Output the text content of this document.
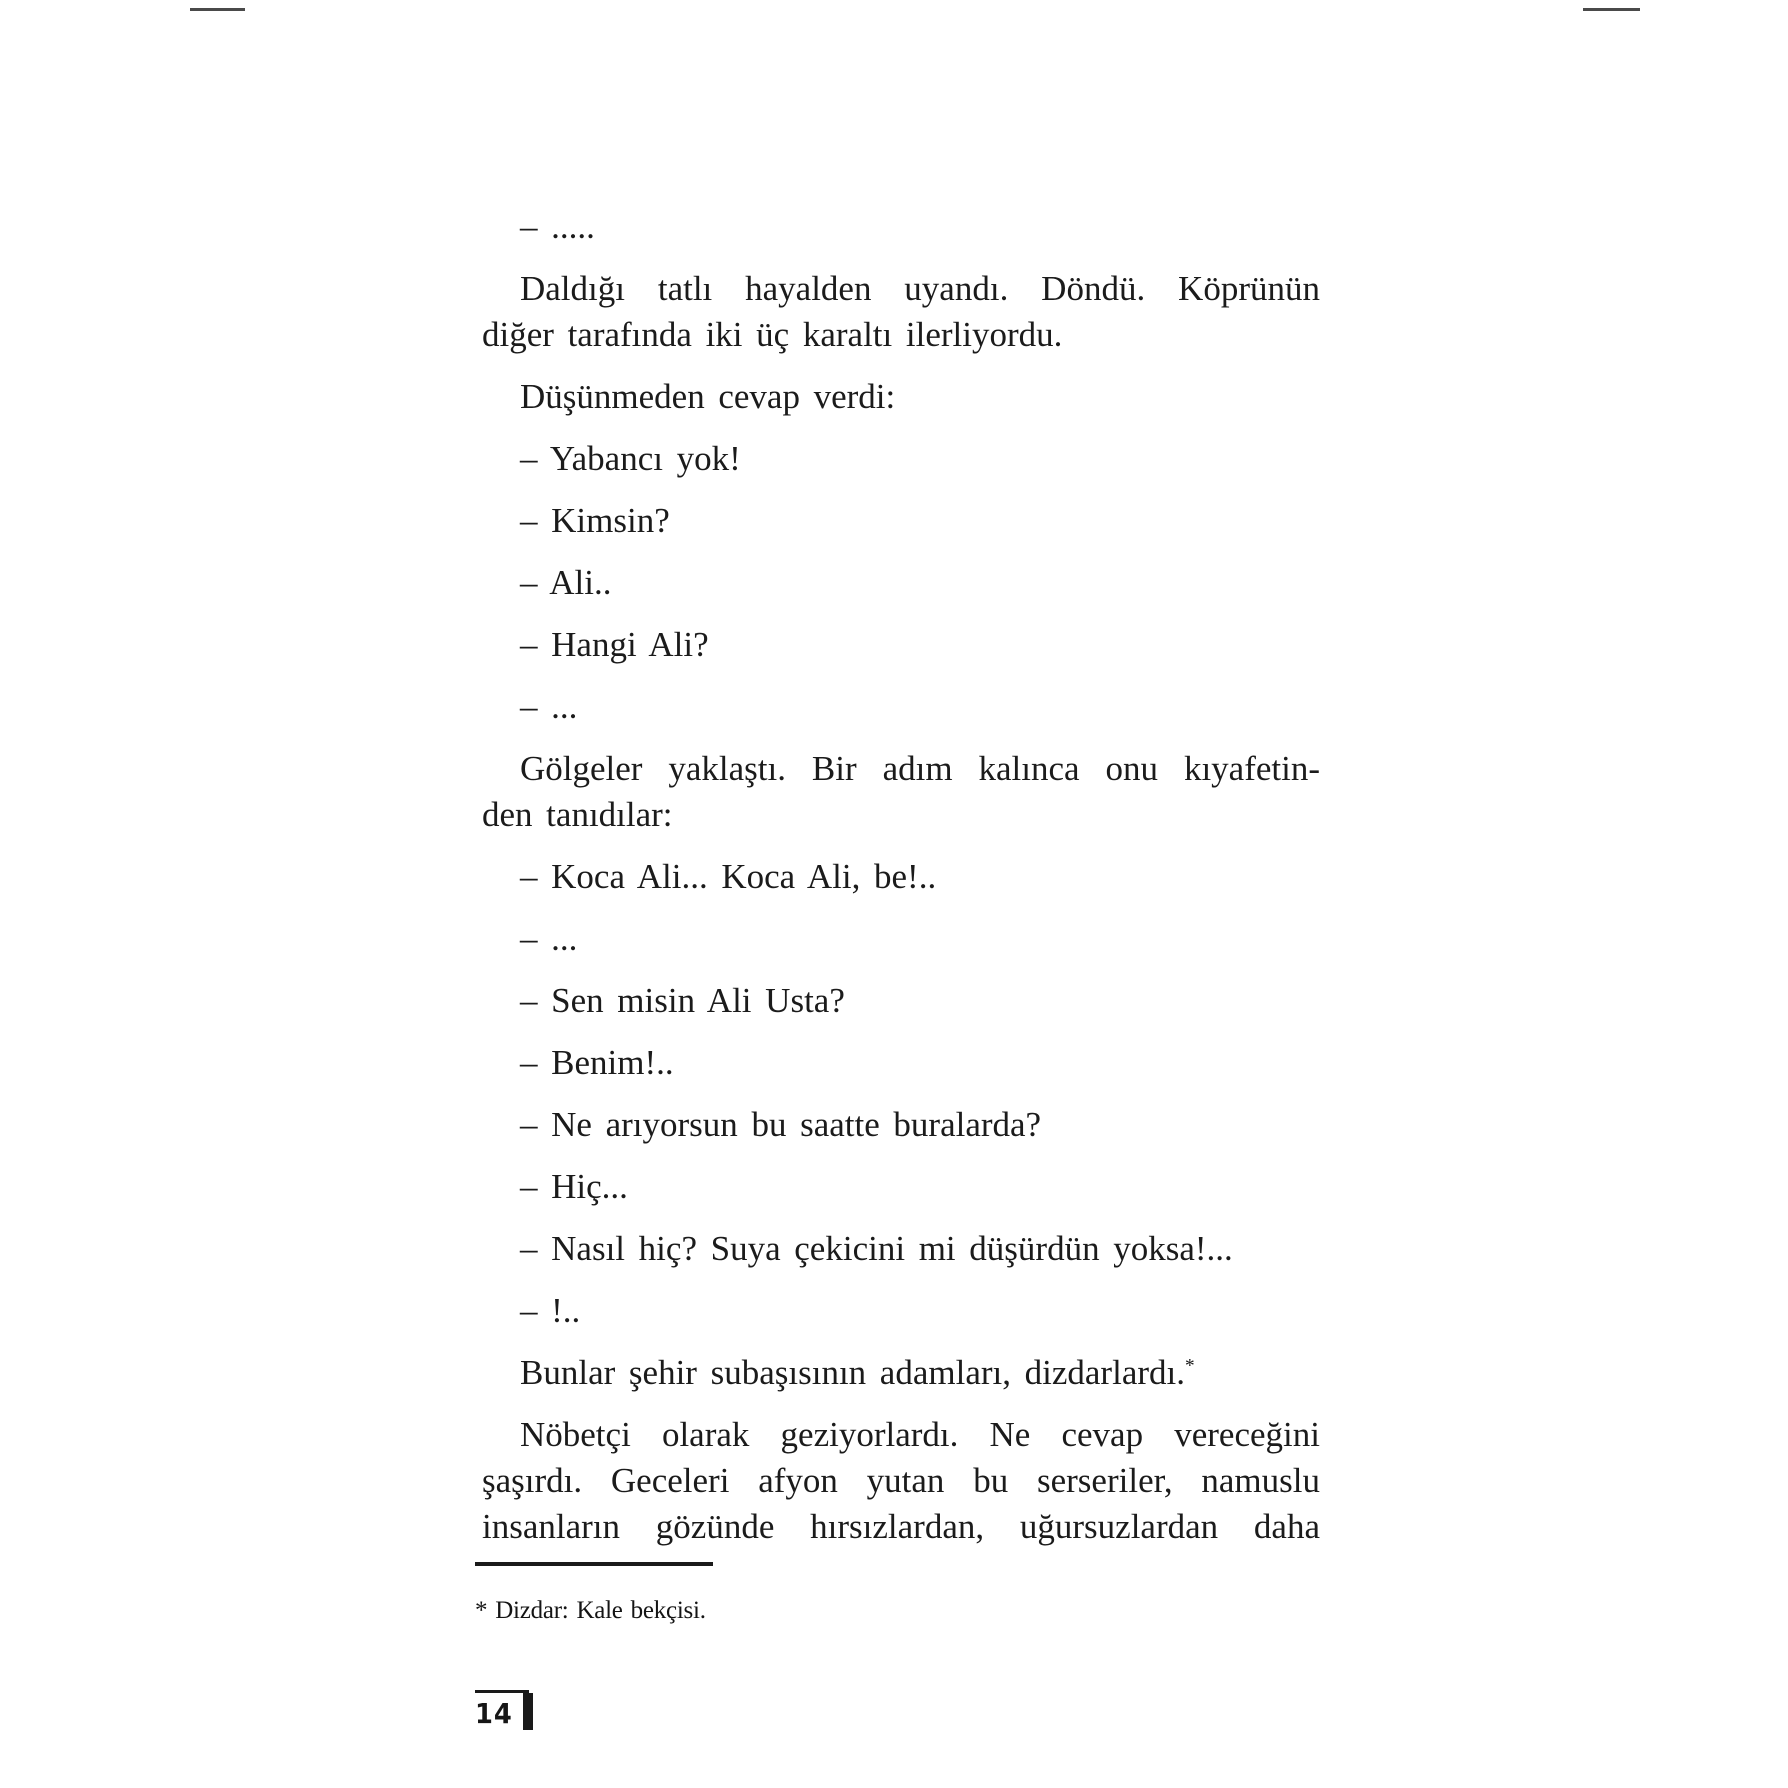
– .....
Daldığı tatlı hayalden uyandı. Döndü. Köprünün
diğer tarafında iki üç karaltı ilerliyordu.
Düşünmeden cevap verdi:
– Yabancı yok!
– Kimsin?
– Ali..
– Hangi Ali?
– ...
Gölgeler yaklaştı. Bir adım kalınca onu kıyafetin-
den tanıdılar:
– Koca Ali... Koca Ali, be!..
– ...
– Sen misin Ali Usta?
– Benim!..
– Ne arıyorsun bu saatte buralarda?
– Hiç...
– Nasıl hiç? Suya çekicini mi düşürdün yoksa!...
– !..
Bunlar şehir subaşısının adamları, dizdarlardı.*
Nöbetçi olarak geziyorlardı. Ne cevap vereceğini
şaşırdı. Geceleri afyon yutan bu serseriler, namuslu
insanların gözünde hırsızlardan, uğursuzlardan daha
* Dizdar: Kale bekçisi.
14
